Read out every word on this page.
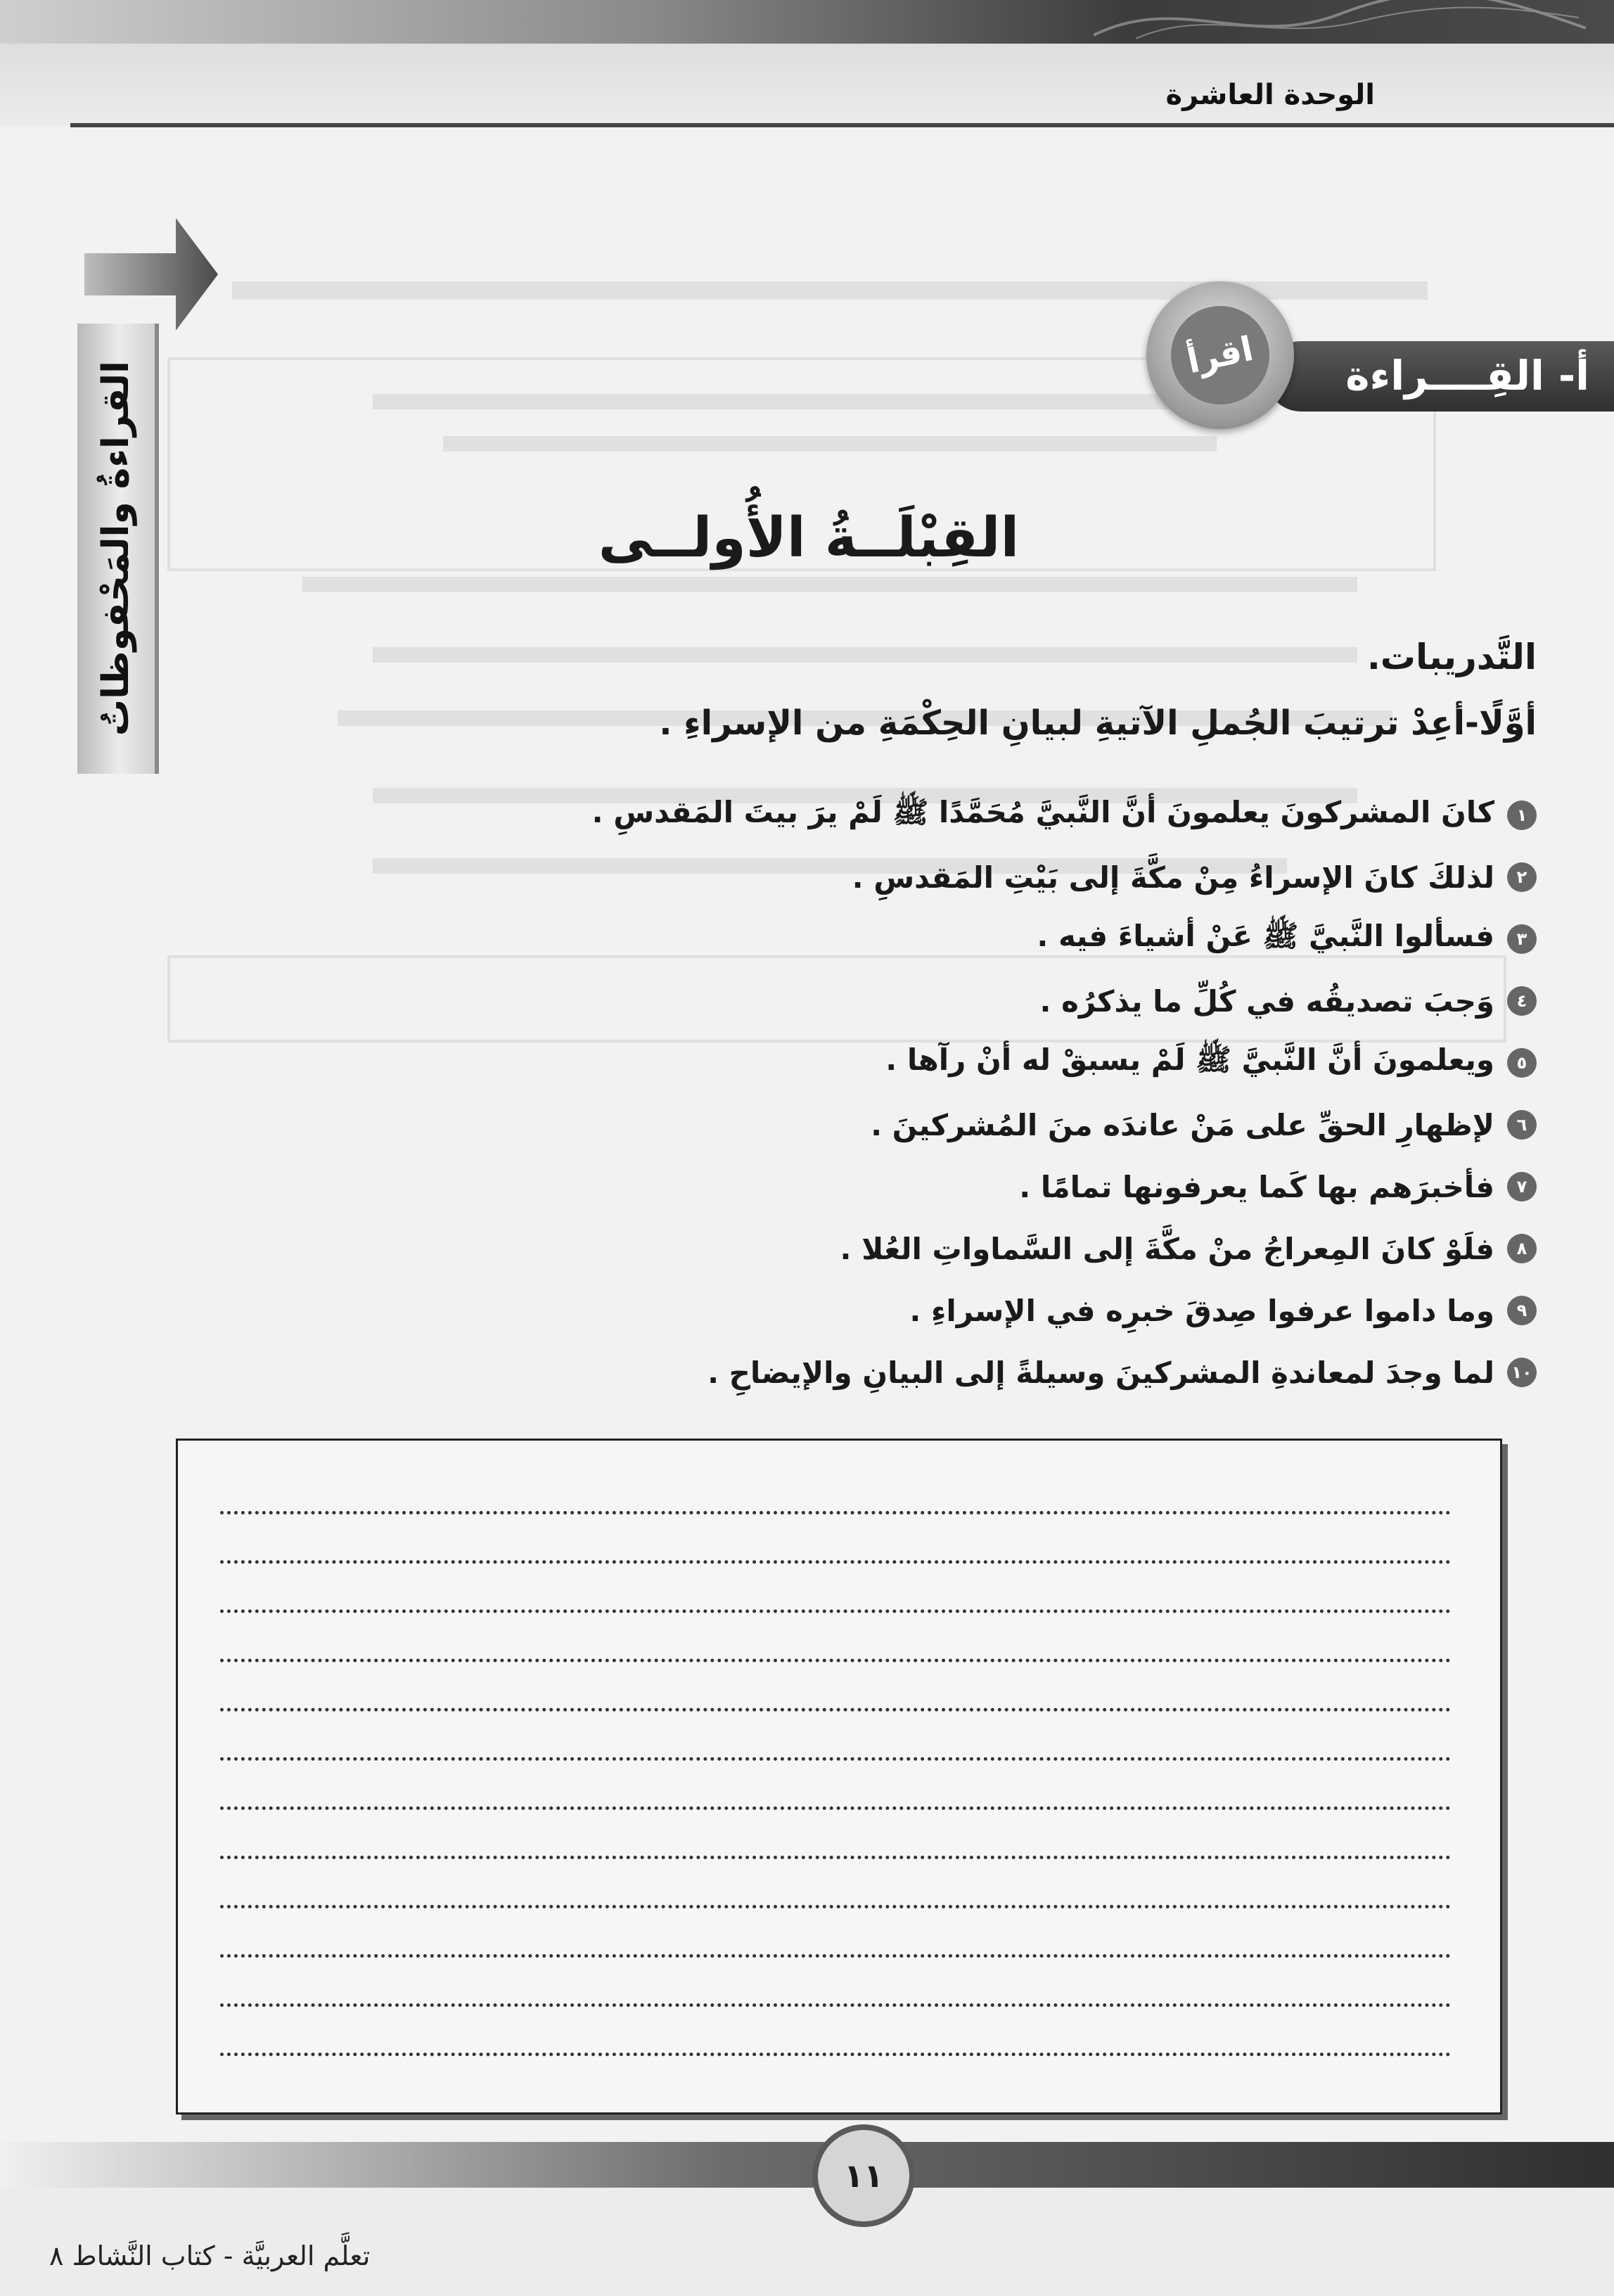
الوحدة العاشرة
القراءةُ والمَحْفوظاتُ	أ- القِــــراءة
اقرأ
القِبْلَــةُ الأُولــى
التَّدريبات.
أوَّلًا-أعِدْ ترتيبَ الجُملِ الآتيةِ لبيانِ الحِكْمَةِ من الإسراءِ .
١
كانَ المشركونَ يعلمونَ أنَّ النَّبيَّ مُحَمَّدًا ﷺ لَمْ يرَ بيتَ المَقدسِ .
٢
لذلكَ كانَ الإسراءُ مِنْ مكَّةَ إلى بَيْتِ المَقدسِ .
٣
فسألوا النَّبيَّ ﷺ عَنْ أشياءَ فيه .
٤
وَجبَ تصديقُه في كُلِّ ما يذكرُه .
٥
ويعلمونَ أنَّ النَّبيَّ ﷺ لَمْ يسبقْ له أنْ رآها .
٦
لإظهارِ الحقِّ على مَنْ عاندَه منَ المُشركينَ .
٧
فأخبرَهم بها كَما يعرفونها تمامًا .
٨
فلَوْ كانَ المِعراجُ منْ مكَّةَ إلى السَّماواتِ العُلا .
٩
وما داموا عرفوا صِدقَ خبرِه في الإسراءِ .
١٠
لما وجدَ لمعاندةِ المشركينَ وسيلةً إلى البيانِ والإيضاحِ .
١١
تعلَّم العربيَّة - كتاب النَّشاط ٨
